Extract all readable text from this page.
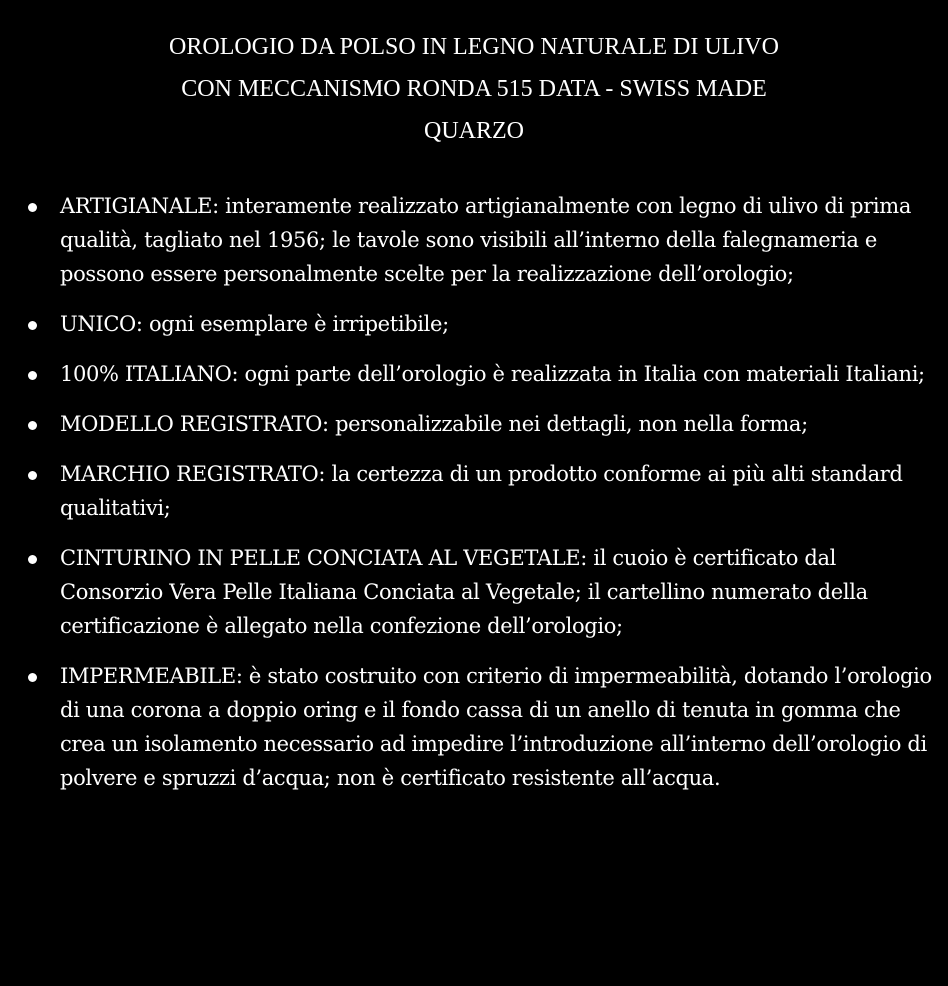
OROLOGIO DA POLSO IN LEGNO NATURALE DI ULIVO
CON MECCANISMO RONDA 515 DATA - SWISS MADE
QUARZO
ARTIGIANALE: interamente realizzato artigianalmente con legno di ulivo di prima qualità, tagliato nel 1956; le tavole sono visibili all’interno della falegnameria e possono essere personalmente scelte per la realizzazione dell’orologio;
UNICO: ogni esemplare è irripetibile;
100% ITALIANO: ogni parte dell’orologio è realizzata in Italia con materiali Italiani;
MODELLO REGISTRATO: personalizzabile nei dettagli, non nella forma;
MARCHIO REGISTRATO: la certezza di un prodotto conforme ai più alti standard qualitativi;
CINTURINO IN PELLE CONCIATA AL VEGETALE: il cuoio è certificato dal Consorzio Vera Pelle Italiana Conciata al Vegetale; il cartellino numerato della certificazione è allegato nella confezione dell’orologio;
IMPERMEABILE: è stato costruito con criterio di impermeabilità, dotando l’orologio di una corona a doppio oring e il fondo cassa di un anello di tenuta in gomma che crea un isolamento necessario ad impedire l’introduzione all’interno dell’orologio di polvere e spruzzi d’acqua; non è certificato resistente all’acqua.
